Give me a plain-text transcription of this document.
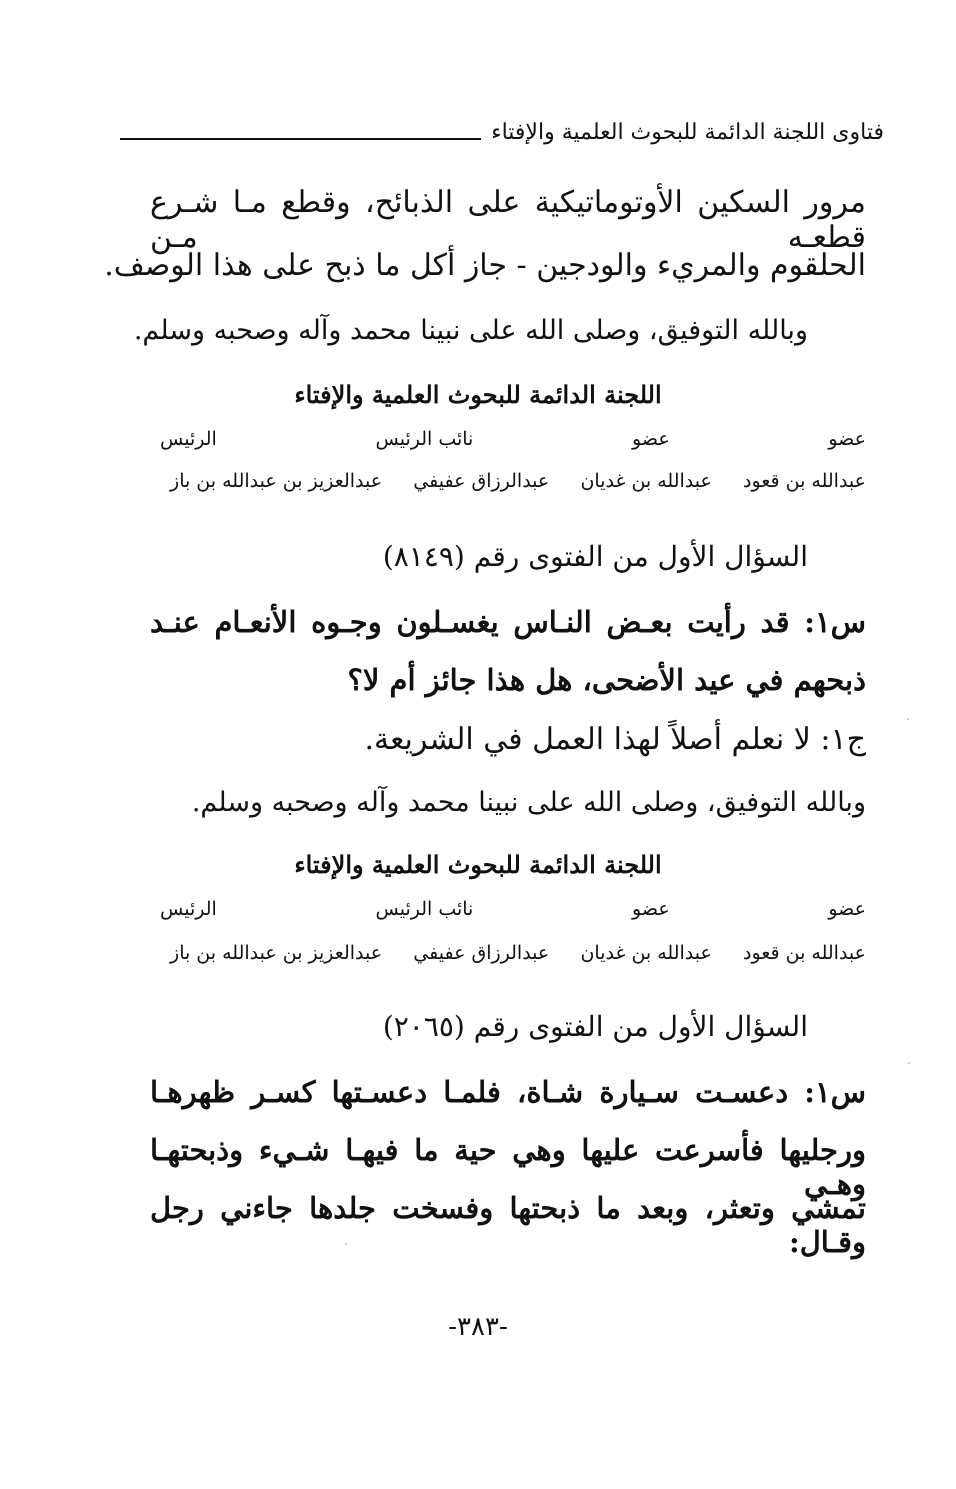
فتاوى اللجنة الدائمة للبحوث العلمية والإفتاء
مرور السكين الأوتوماتيكية على الذبائح، وقطع مـا شـرع قطعـه مـن
الحلقوم والمريء والودجين - جاز أكل ما ذبح على هذا الوصف.
وبالله التوفيق، وصلى الله على نبينا محمد وآله وصحبه وسلم.
اللجنة الدائمة للبحوث العلمية والإفتاء
عضو
عضو
نائب الرئيس
الرئيس
عبدالله بن قعود
عبدالله بن غديان
عبدالرزاق عفيفي
عبدالعزيز بن عبدالله بن باز
السؤال الأول من الفتوى رقم (٨١٤٩)
س١: قد رأيت بعـض النـاس يغسـلون وجـوه الأنعـام عنـد
ذبحهم في عيد الأضحى، هل هذا جائز أم لا؟
ج١: لا نعلم أصلاً لهذا العمل في الشريعة.
وبالله التوفيق، وصلى الله على نبينا محمد وآله وصحبه وسلم.
اللجنة الدائمة للبحوث العلمية والإفتاء
عضو
عضو
نائب الرئيس
الرئيس
عبدالله بن قعود
عبدالله بن غديان
عبدالرزاق عفيفي
عبدالعزيز بن عبدالله بن باز
السؤال الأول من الفتوى رقم (٢٠٦٥)
س١: دعسـت سـيارة شـاة، فلمـا دعسـتها كسـر ظهرهـا
ورجليها فأسرعت عليها وهي حية ما فيهـا شـيء وذبحتهـا وهـي
تمشي وتعثر، وبعد ما ذبحتها وفسخت جلدها جاءني رجل وقـال:
-٣٨٣-
